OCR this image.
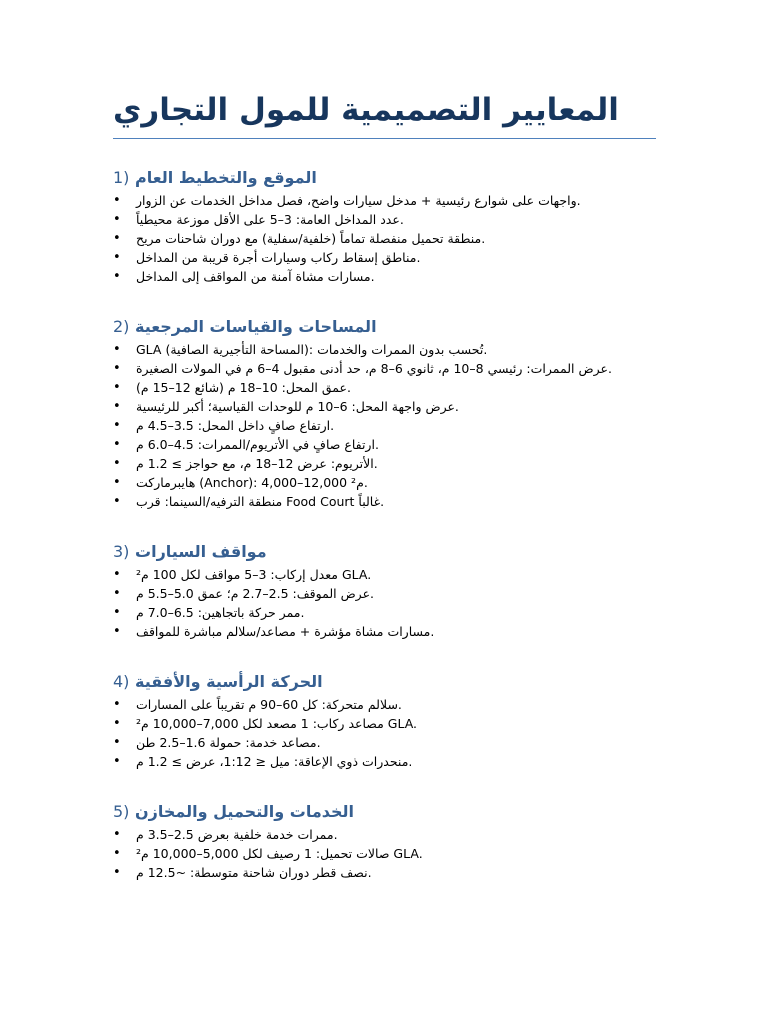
المعايير التصميمية للمول التجاري
1) الموقع والتخطيط العام
• واجهات على شوارع رئيسية + مدخل سيارات واضح، فصل مداخل الخدمات عن الزوار.
• عدد المداخل العامة: 3–5 على الأقل موزعة محيطياً.
• منطقة تحميل منفصلة تماماً (خلفية/سفلية) مع دوران شاحنات مريح.
• مناطق إسقاط ركاب وسيارات أجرة قريبة من المداخل.
• مسارات مشاة آمنة من المواقف إلى المداخل.
2) المساحات والقياسات المرجعية
• GLA (المساحة التأجيرية الصافية): تُحسب بدون الممرات والخدمات.
• عرض الممرات: رئيسي 8–10 م، ثانوي 6–8 م، حد أدنى مقبول 4–6 م في المولات الصغيرة.
• عمق المحل: 10–18 م (شائع 12–15 م).
• عرض واجهة المحل: 6–10 م للوحدات القياسية؛ أكبر للرئيسية.
• ارتفاع صافٍ داخل المحل: 3.5–4.5 م.
• ارتفاع صافٍ في الأتريوم/الممرات: 4.5–6.0 م.
• الأتريوم: عرض 12–18 م، مع حواجز ≥ 1.2 م.
• هايبرماركت (Anchor): 4,000–12,000 م².
• منطقة الترفيه/السينما: قرب Food Court غالباً.
3) مواقف السيارات
• معدل إركاب: 3–5 مواقف لكل 100 م² GLA.
• عرض الموقف: 2.5–2.7 م؛ عمق 5.0–5.5 م.
• ممر حركة باتجاهين: 6.5–7.0 م.
• مسارات مشاة مؤشرة + مصاعد/سلالم مباشرة للمواقف.
4) الحركة الرأسية والأفقية
• سلالم متحركة: كل 60–90 م تقريباً على المسارات.
• مصاعد ركاب: 1 مصعد لكل 7,000–10,000 م² GLA.
• مصاعد خدمة: حمولة 1.6–2.5 طن.
• منحدرات ذوي الإعاقة: ميل ≤ 1:12، عرض ≥ 1.2 م.
5) الخدمات والتحميل والمخازن
• ممرات خدمة خلفية بعرض 2.5–3.5 م.
• صالات تحميل: 1 رصيف لكل 5,000–10,000 م² GLA.
• نصف قطر دوران شاحنة متوسطة: ~12.5 م.
